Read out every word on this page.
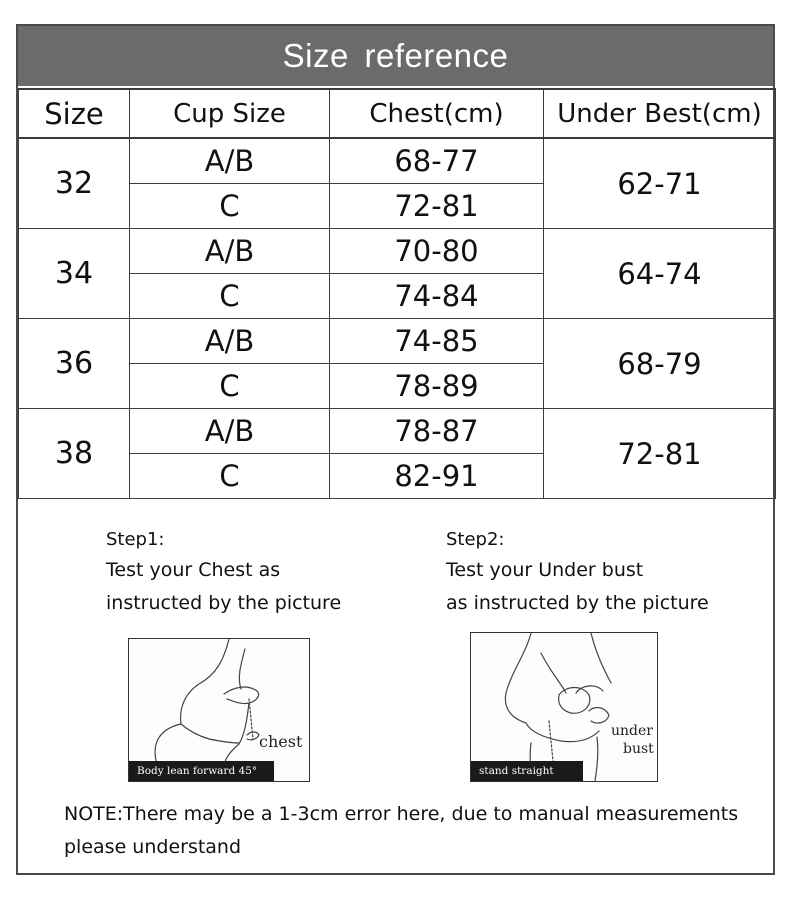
Size reference
Size	Cup Size	Chest(cm)	Under Best(cm)
32	A/B	68-77	62-71
	C	72-81	
34	A/B	70-80	64-74
	C	74-84	
36	A/B	74-85	68-79
	C	78-89	
38	A/B	78-87	72-81
	C	82-91	
Step1:
Test your Chest as
instructed by the picture
Step2:
Test your Under bust
as instructed by the picture
chest
Body lean forward 45°
under
bust
stand straight
NOTE:There may be a 1-3cm error here, due to manual measurements
please understand
